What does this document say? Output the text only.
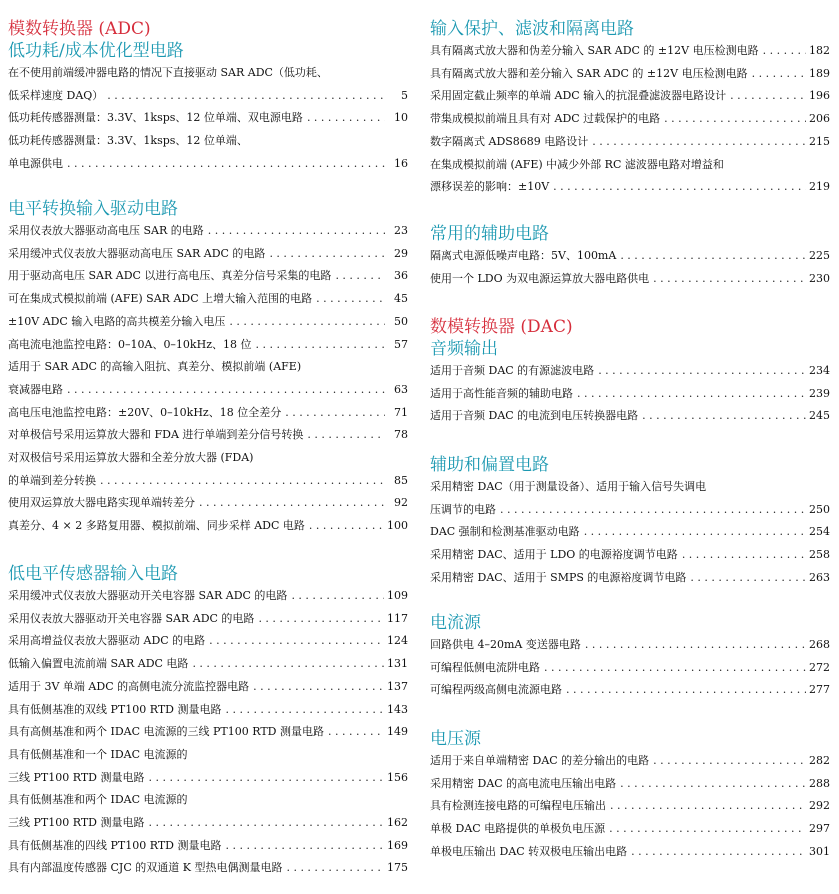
模数转换器 (ADC)
低功耗/成本优化型电路
在不使用前端缓冲器电路的情况下直接驱动 SAR ADC（低功耗、
低采样速度 DAQ） . . .	5
低功耗传感器测量：3.3V、1ksps、12 位单端、双电源电路 . . .	10
低功耗传感器测量：3.3V、1ksps、12 位单端、
单电源供电 . . .	16
电平转换输入驱动电路
采用仪表放大器驱动高电压 SAR 的电路 . . .	23
采用缓冲式仪表放大器驱动高电压 SAR ADC 的电路 . . .	29
用于驱动高电压 SAR ADC 以进行高电压、真差分信号采集的电路 . . .	36
可在集成式模拟前端 (AFE) SAR ADC 上增大输入范围的电路 . . .	45
±10V ADC 输入电路的高共模差分输入电压 . . .	50
高电流电池监控电路：0–10A、0–10kHz、18 位 . . .	57
适用于 SAR ADC 的高输入阻抗、真差分、模拟前端 (AFE)
衰减器电路 . . .	63
高电压电池监控电路：±20V、0–10kHz、18 位全差分 . . .	71
对单极信号采用运算放大器和 FDA 进行单端到差分信号转换 . . .	78
对双极信号采用运算放大器和全差分放大器 (FDA)
的单端到差分转换 . . .	85
使用双运算放大器电路实现单端转差分 . . .	92
真差分、4 × 2 多路复用器、模拟前端、同步采样 ADC 电路 . . .	100
低电平传感器输入电路
采用缓冲式仪表放大器驱动开关电容器 SAR ADC 的电路 . . .	109
采用仪表放大器驱动开关电容器 SAR ADC 的电路 . . .	117
采用高增益仪表放大器驱动 ADC 的电路 . . .	124
低输入偏置电流前端 SAR ADC 电路 . . .	131
适用于 3V 单端 ADC 的高侧电流分流监控器电路 . . .	137
具有低侧基准的双线 PT100 RTD 测量电路 . . .	143
具有高侧基准和两个 IDAC 电流源的三线 PT100 RTD 测量电路 . . .	149
具有低侧基准和一个 IDAC 电流源的
三线 PT100 RTD 测量电路 . . .	156
具有低侧基准和两个 IDAC 电流源的
三线 PT100 RTD 测量电路 . . .	162
具有低侧基准的四线 PT100 RTD 测量电路 . . .	169
具有内部温度传感器 CJC 的双通道 K 型热电偶测量电路 . . .	175
输入保护、滤波和隔离电路
具有隔离式放大器和伪差分输入 SAR ADC 的 ±12V 电压检测电路 . . .	182
具有隔离式放大器和差分输入 SAR ADC 的 ±12V 电压检测电路 . . .	189
采用固定截止频率的单端 ADC 输入的抗混叠滤波器电路设计 . . .	196
带集成模拟前端且具有对 ADC 过载保护的电路 . . .	206
数字隔离式 ADS8689 电路设计 . . .	215
在集成模拟前端 (AFE) 中减少外部 RC 滤波器电路对增益和
漂移误差的影响：±10V . . .	219
常用的辅助电路
隔离式电源低噪声电路：5V、100mA . . .	225
使用一个 LDO 为双电源运算放大器电路供电 . . .	230
数模转换器 (DAC)
音频输出
适用于音频 DAC 的有源滤波电路 . . .	234
适用于高性能音频的辅助电路 . . .	239
适用于音频 DAC 的电流到电压转换器电路 . . .	245
辅助和偏置电路
采用精密 DAC（用于测量设备）、适用于输入信号失调电
压调节的电路 . . .	250
DAC 强制和检测基准驱动电路 . . .	254
采用精密 DAC、适用于 LDO 的电源裕度调节电路 . . .	258
采用精密 DAC、适用于 SMPS 的电源裕度调节电路 . . .	263
电流源
回路供电 4–20mA 变送器电路 . . .	268
可编程低侧电流阱电路 . . .	272
可编程两级高侧电流源电路 . . .	277
电压源
适用于来自单端精密 DAC 的差分输出的电路 . . .	282
采用精密 DAC 的高电流电压输出电路 . . .	288
具有检测连接电路的可编程电压输出 . . .	292
单极 DAC 电路提供的单极负电压源 . . .	297
单极电压输出 DAC 转双极电压输出电路 . . .	301
